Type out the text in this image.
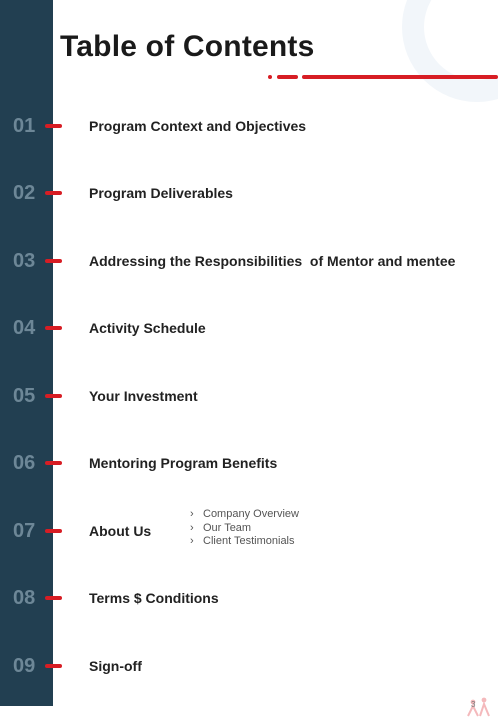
Table of Contents
01	Program Context and Objectives
02	Program Deliverables
03	Addressing the Responsibilities  of Mentor and mentee
04	Activity Schedule
05	Your Investment
06	Mentoring Program Benefits
07	About Us
› Company Overview
› Our Team
› Client Testimonials
08	Terms $ Conditions
09	Sign-off
3
